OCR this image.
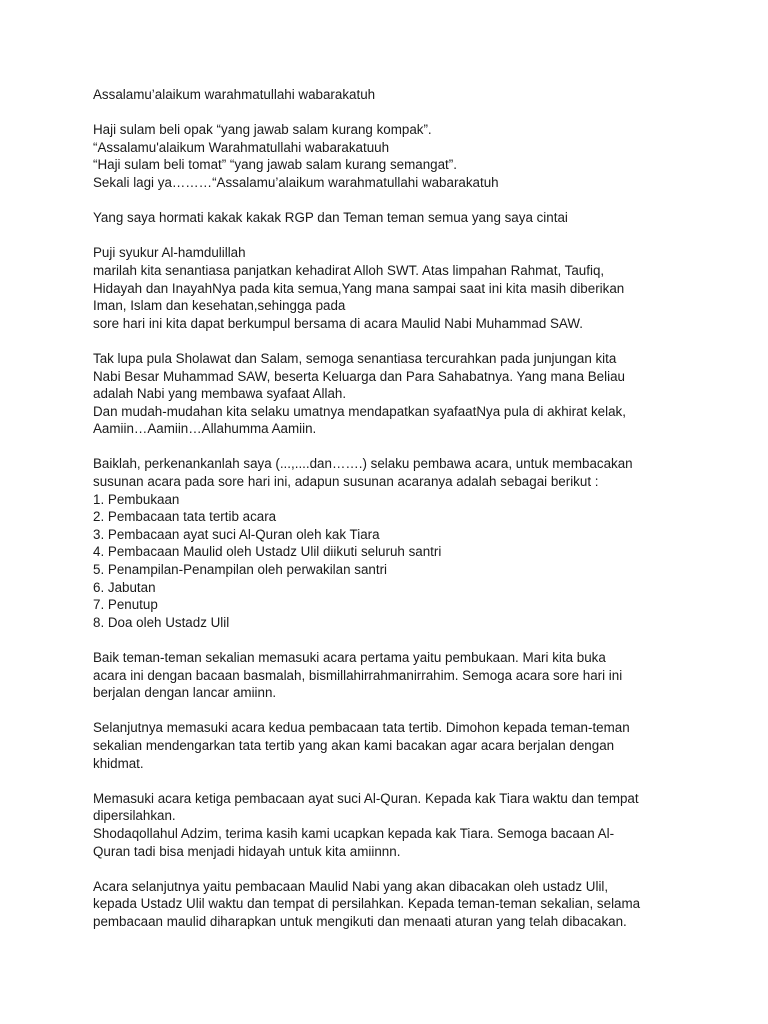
Assalamu’alaikum warahmatullahi wabarakatuh
Haji sulam beli opak “yang jawab salam kurang kompak”.
“Assalamu'alaikum Warahmatullahi wabarakatuuh
“Haji sulam beli tomat” “yang jawab salam kurang semangat”.
Sekali lagi ya………“Assalamu’alaikum warahmatullahi wabarakatuh
Yang saya hormati kakak kakak RGP dan Teman teman semua yang saya cintai
Puji syukur Al-hamdulillah
marilah kita senantiasa panjatkan kehadirat Alloh SWT. Atas limpahan Rahmat, Taufiq,
Hidayah dan InayahNya pada kita semua,Yang mana sampai saat ini kita masih diberikan
Iman, Islam dan kesehatan,sehingga pada
sore hari ini kita dapat berkumpul bersama di acara Maulid Nabi Muhammad SAW.
Tak lupa pula Sholawat dan Salam, semoga senantiasa tercurahkan pada junjungan kita
Nabi Besar Muhammad SAW, beserta Keluarga dan Para Sahabatnya. Yang mana Beliau
adalah Nabi yang membawa syafaat Allah.
Dan mudah-mudahan kita selaku umatnya mendapatkan syafaatNya pula di akhirat kelak,
Aamiin…Aamiin…Allahumma Aamiin.
Baiklah, perkenankanlah saya (...,....dan…….) selaku pembawa acara, untuk membacakan
susunan acara pada sore hari ini, adapun susunan acaranya adalah sebagai berikut :
1. Pembukaan
2. Pembacaan tata tertib acara
3. Pembacaan ayat suci Al-Quran oleh kak Tiara
4. Pembacaan Maulid oleh Ustadz Ulil diikuti seluruh santri
5. Penampilan-Penampilan oleh perwakilan santri
6. Jabutan
7. Penutup
8. Doa oleh Ustadz Ulil
Baik teman-teman sekalian memasuki acara pertama yaitu pembukaan. Mari kita buka
acara ini dengan bacaan basmalah, bismillahirrahmanirrahim. Semoga acara sore hari ini
berjalan dengan lancar amiinn.
Selanjutnya memasuki acara kedua pembacaan tata tertib. Dimohon kepada teman-teman
sekalian mendengarkan tata tertib yang akan kami bacakan agar acara berjalan dengan
khidmat.
Memasuki acara ketiga pembacaan ayat suci Al-Quran. Kepada kak Tiara waktu dan tempat
dipersilahkan.
Shodaqollahul Adzim, terima kasih kami ucapkan kepada kak Tiara. Semoga bacaan Al-
Quran tadi bisa menjadi hidayah untuk kita amiinnn.
Acara selanjutnya yaitu pembacaan Maulid Nabi yang akan dibacakan oleh ustadz Ulil,
kepada Ustadz Ulil waktu dan tempat di persilahkan. Kepada teman-teman sekalian, selama
pembacaan maulid diharapkan untuk mengikuti dan menaati aturan yang telah dibacakan.
